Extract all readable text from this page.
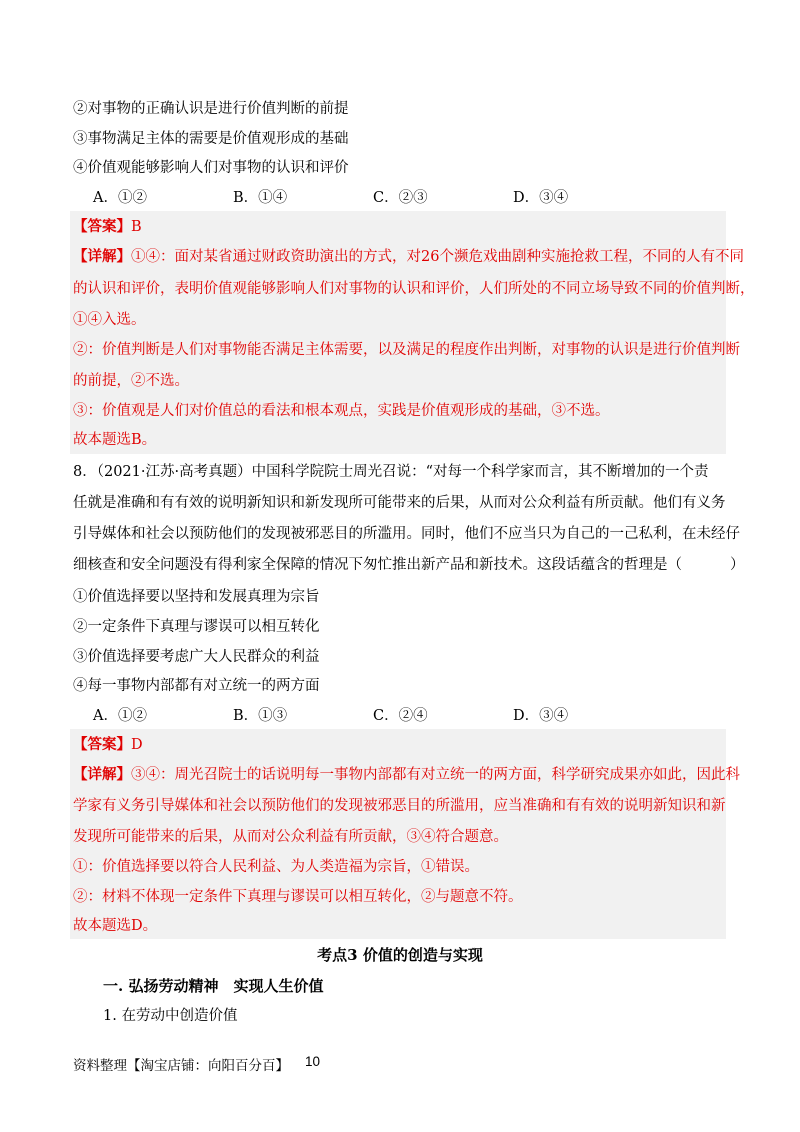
②对事物的正确认识是进行价值判断的前提
③事物满足主体的需要是价值观形成的基础
④价值观能够影响人们对事物的认识和评价
A．①②	B．①④	C．②③	D．③④
【答案】B
【详解】①④：面对某省通过财政资助演出的方式，对26个濒危戏曲剧种实施抢救工程，不同的人有不同
的认识和评价，表明价值观能够影响人们对事物的认识和评价，人们所处的不同立场导致不同的价值判断，
①④入选。
②：价值判断是人们对事物能否满足主体需要，以及满足的程度作出判断，对事物的认识是进行价值判断
的前提，②不选。
③：价值观是人们对价值总的看法和根本观点，实践是价值观形成的基础，③不选。
故本题选B。
8．（2021·江苏·高考真题）中国科学院院士周光召说：“对每一个科学家而言，其不断增加的一个责
任就是准确和有有效的说明新知识和新发现所可能带来的后果，从而对公众利益有所贡献。他们有义务
引导媒体和社会以预防他们的发现被邪恶目的所滥用。同时，他们不应当只为自己的一己私利，在未经仔
细核查和安全问题没有得利家全保障的情况下匆忙推出新产品和新技术。这段话蕴含的哲理是（	）
①价值选择要以坚持和发展真理为宗旨
②一定条件下真理与谬误可以相互转化
③价值选择要考虑广大人民群众的利益
④每一事物内部都有对立统一的两方面
A．①②	B．①③	C．②④	D．③④
【答案】D
【详解】③④：周光召院士的话说明每一事物内部都有对立统一的两方面，科学研究成果亦如此，因此科
学家有义务引导媒体和社会以预防他们的发现被邪恶目的所滥用，应当准确和有有效的说明新知识和新
发现所可能带来的后果，从而对公众利益有所贡献，③④符合题意。
①：价值选择要以符合人民利益、为人类造福为宗旨，①错误。
②：材料不体现一定条件下真理与谬误可以相互转化，②与题意不符。
故本题选D。
考点3 价值的创造与实现
一. 弘扬劳动精神　实现人生价值
1. 在劳动中创造价值
资料整理【淘宝店铺：向阳百分百】 10
